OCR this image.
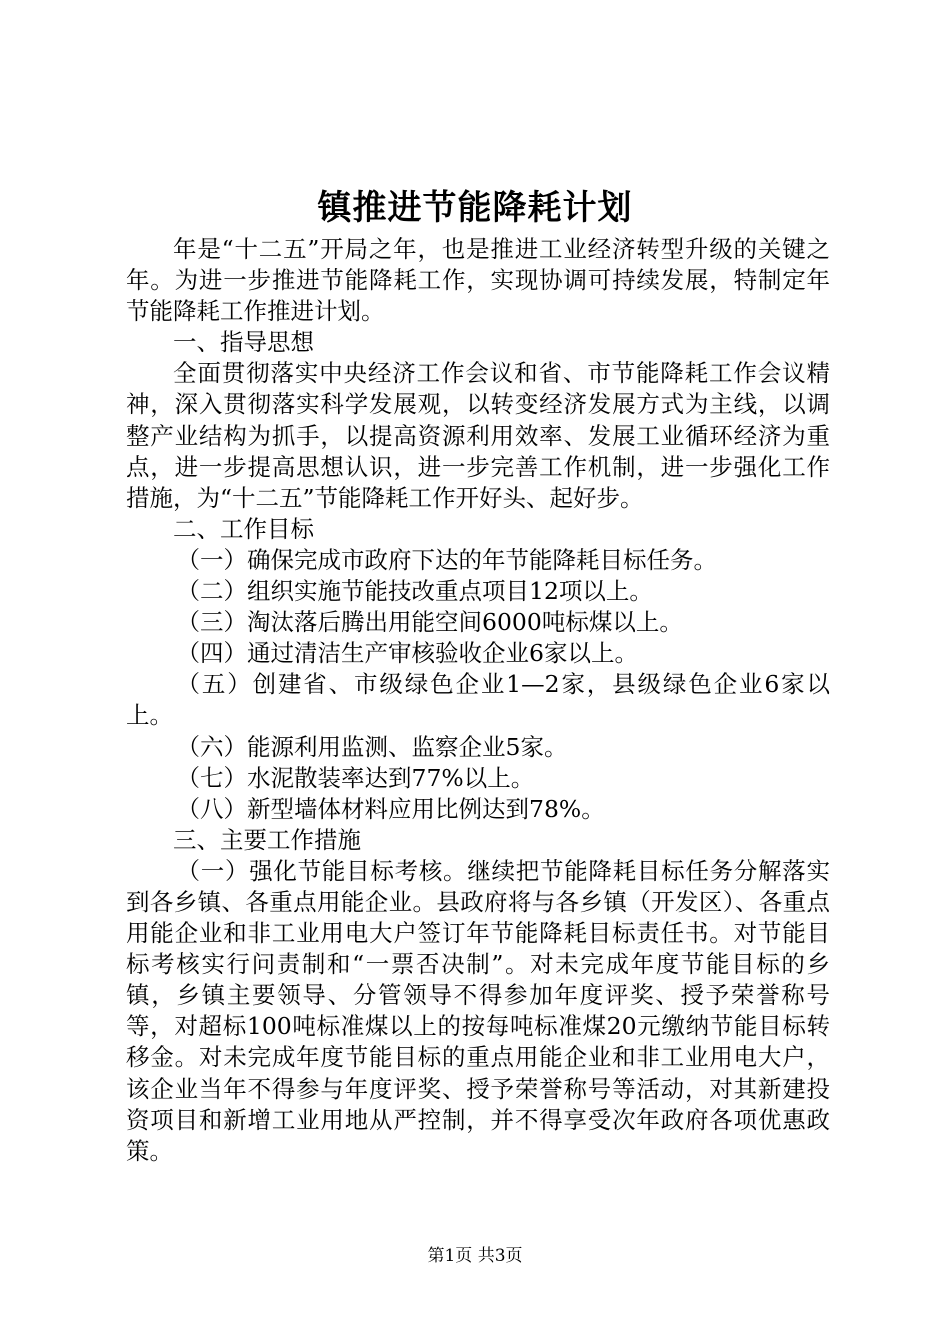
镇推进节能降耗计划

年是“十二五”开局之年，也是推进工业经济转型升级的关键之年。为进一步推进节能降耗工作，实现协调可持续发展，特制定年节能降耗工作推进计划。

一、指导思想

全面贯彻落实中央经济工作会议和省、市节能降耗工作会议精神，深入贯彻落实科学发展观，以转变经济发展方式为主线，以调整产业结构为抓手，以提高资源利用效率、发展工业循环经济为重点，进一步提高思想认识，进一步完善工作机制，进一步强化工作措施，为“十二五”节能降耗工作开好头、起好步。

二、工作目标

（一）确保完成市政府下达的年节能降耗目标任务。

（二）组织实施节能技改重点项目12项以上。

（三）淘汰落后腾出用能空间6000吨标煤以上。

（四）通过清洁生产审核验收企业6家以上。

（五）创建省、市级绿色企业1—2家，县级绿色企业6家以上。

（六）能源利用监测、监察企业5家。

（七）水泥散装率达到77%以上。

（八）新型墙体材料应用比例达到78%。

三、主要工作措施

（一）强化节能目标考核。继续把节能降耗目标任务分解落实到各乡镇、各重点用能企业。县政府将与各乡镇（开发区）、各重点用能企业和非工业用电大户签订年节能降耗目标责任书。对节能目标考核实行问责制和“一票否决制”。对未完成年度节能目标的乡镇，乡镇主要领导、分管领导不得参加年度评奖、授予荣誉称号等，对超标100吨标准煤以上的按每吨标准煤20元缴纳节能目标转移金。对未完成年度节能目标的重点用能企业和非工业用电大户，该企业当年不得参与年度评奖、授予荣誉称号等活动，对其新建投资项目和新增工业用地从严控制，并不得享受次年政府各项优惠政策。

第1页 共3页
